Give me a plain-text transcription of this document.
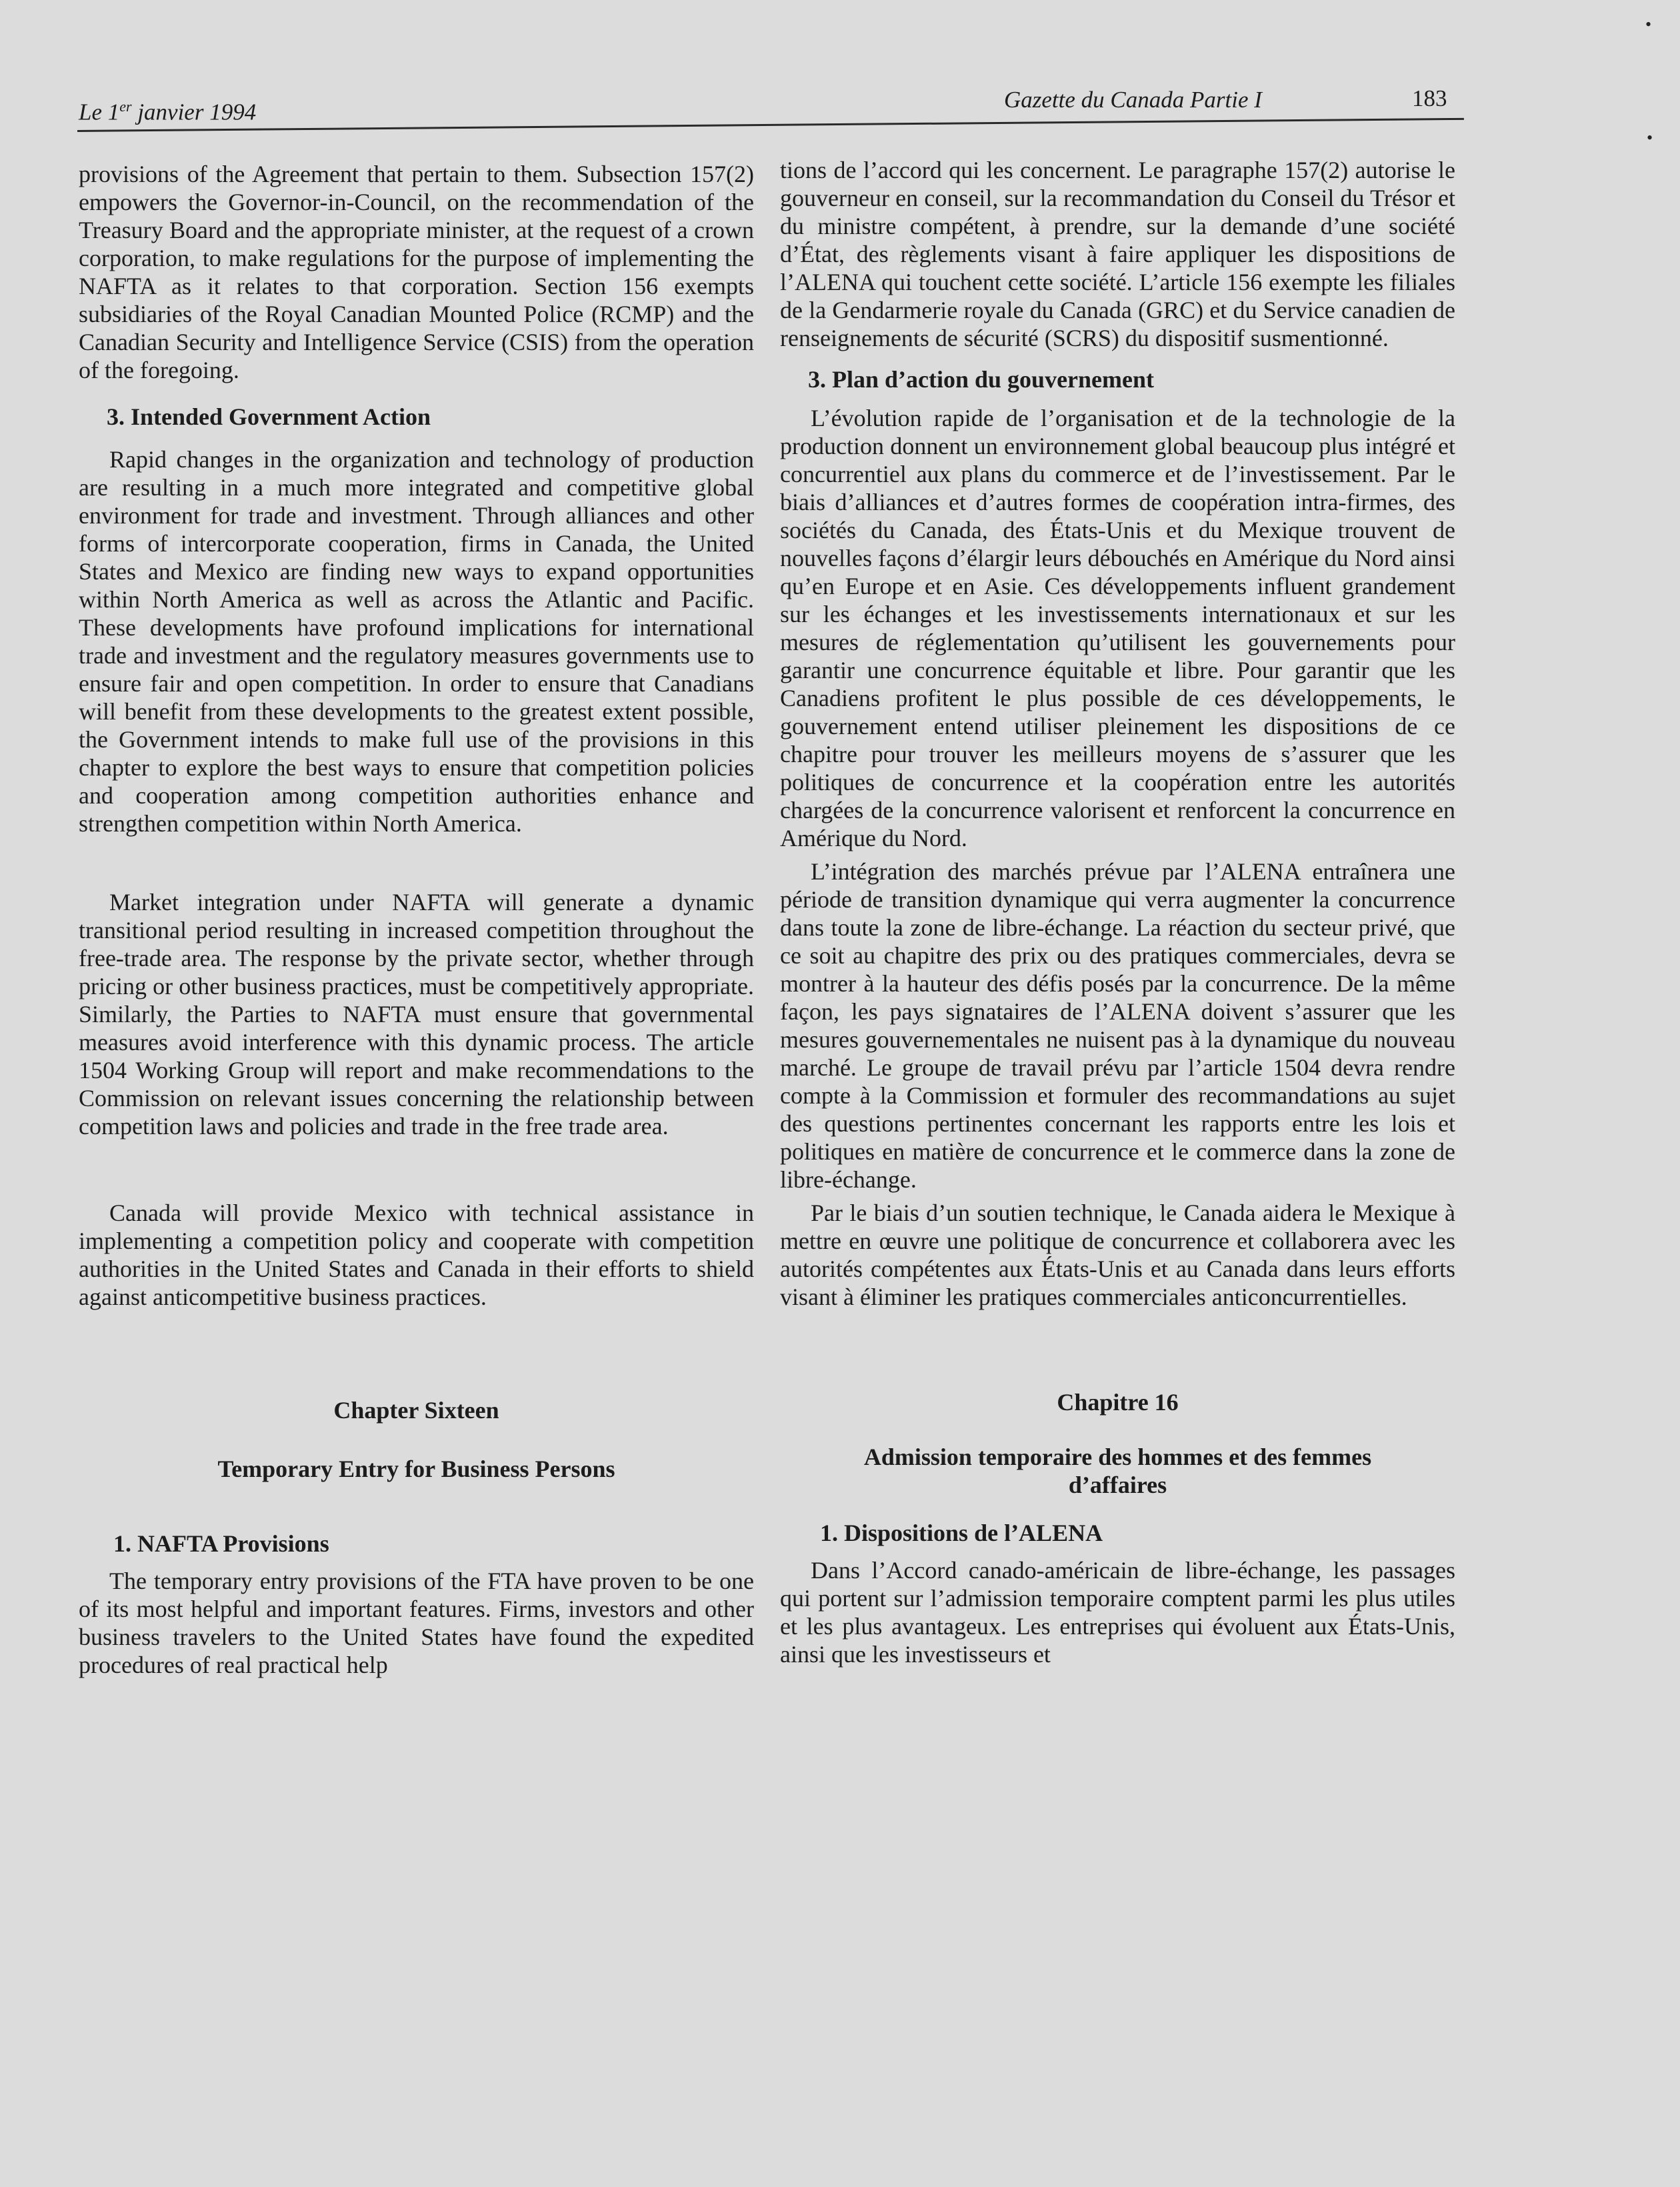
•
•
Le 1er janvier 1994	Gazette du Canada Partie I	183

provisions of the Agreement that pertain to them. Subsection 157(2) empowers the Governor-in-Council, on the recommendation of the Treasury Board and the appropriate minister, at the request of a crown corporation, to make regulations for the purpose of implementing the NAFTA as it relates to that corporation. Section 156 exempts subsidiaries of the Royal Canadian Mounted Police (RCMP) and the Canadian Security and Intelligence Service (CSIS) from the operation of the foregoing.

3. Intended Government Action

Rapid changes in the organization and technology of production are resulting in a much more integrated and competitive global environment for trade and investment. Through alliances and other forms of intercorporate cooperation, firms in Canada, the United States and Mexico are finding new ways to expand opportunities within North America as well as across the Atlantic and Pacific. These developments have profound implications for international trade and investment and the regulatory measures governments use to ensure fair and open competition. In order to ensure that Canadians will benefit from these developments to the greatest extent possible, the Government intends to make full use of the provisions in this chapter to explore the best ways to ensure that competition policies and cooperation among competition authorities enhance and strengthen competition within North America.

Market integration under NAFTA will generate a dynamic transitional period resulting in increased competition throughout the free-trade area. The response by the private sector, whether through pricing or other business practices, must be competitively appropriate. Similarly, the Parties to NAFTA must ensure that governmental measures avoid interference with this dynamic process. The article 1504 Working Group will report and make recommendations to the Commission on relevant issues concerning the relationship between competition laws and policies and trade in the free trade area.

Canada will provide Mexico with technical assistance in implementing a competition policy and cooperate with competition authorities in the United States and Canada in their efforts to shield against anticompetitive business practices.

Chapter Sixteen

Temporary Entry for Business Persons

1. NAFTA Provisions

The temporary entry provisions of the FTA have proven to be one of its most helpful and important features. Firms, investors and other business travelers to the United States have found the expedited procedures of real practical help

tions de l’accord qui les concernent. Le paragraphe 157(2) autorise le gouverneur en conseil, sur la recommandation du Conseil du Trésor et du ministre compétent, à prendre, sur la demande d’une société d’État, des règlements visant à faire appliquer les dispositions de l’ALENA qui touchent cette société. L’article 156 exempte les filiales de la Gendarmerie royale du Canada (GRC) et du Service canadien de renseignements de sécurité (SCRS) du dispositif susmentionné.

3. Plan d’action du gouvernement

L’évolution rapide de l’organisation et de la technologie de la production donnent un environnement global beaucoup plus intégré et concurrentiel aux plans du commerce et de l’investissement. Par le biais d’alliances et d’autres formes de coopération intra-firmes, des sociétés du Canada, des États-Unis et du Mexique trouvent de nouvelles façons d’élargir leurs débouchés en Amérique du Nord ainsi qu’en Europe et en Asie. Ces développements influent grandement sur les échanges et les investissements internationaux et sur les mesures de réglementation qu’utilisent les gouvernements pour garantir une concurrence équitable et libre. Pour garantir que les Canadiens profitent le plus possible de ces développements, le gouvernement entend utiliser pleinement les dispositions de ce chapitre pour trouver les meilleurs moyens de s’assurer que les politiques de concurrence et la coopération entre les autorités chargées de la concurrence valorisent et renforcent la concurrence en Amérique du Nord.

L’intégration des marchés prévue par l’ALENA entraînera une période de transition dynamique qui verra augmenter la concurrence dans toute la zone de libre-échange. La réaction du secteur privé, que ce soit au chapitre des prix ou des pratiques commerciales, devra se montrer à la hauteur des défis posés par la concurrence. De la même façon, les pays signataires de l’ALENA doivent s’assurer que les mesures gouvernementales ne nuisent pas à la dynamique du nouveau marché. Le groupe de travail prévu par l’article 1504 devra rendre compte à la Commission et formuler des recommandations au sujet des questions pertinentes concernant les rapports entre les lois et politiques en matière de concurrence et le commerce dans la zone de libre-échange.

Par le biais d’un soutien technique, le Canada aidera le Mexique à mettre en œuvre une politique de concurrence et collaborera avec les autorités compétentes aux États-Unis et au Canada dans leurs efforts visant à éliminer les pratiques commerciales anticoncurrentielles.

Chapitre 16

Admission temporaire des hommes et des femmes

d’affaires

1. Dispositions de l’ALENA

Dans l’Accord canado-américain de libre-échange, les passages qui portent sur l’admission temporaire comptent parmi les plus utiles et les plus avantageux. Les entreprises qui évoluent aux États-Unis, ainsi que les investisseurs et
